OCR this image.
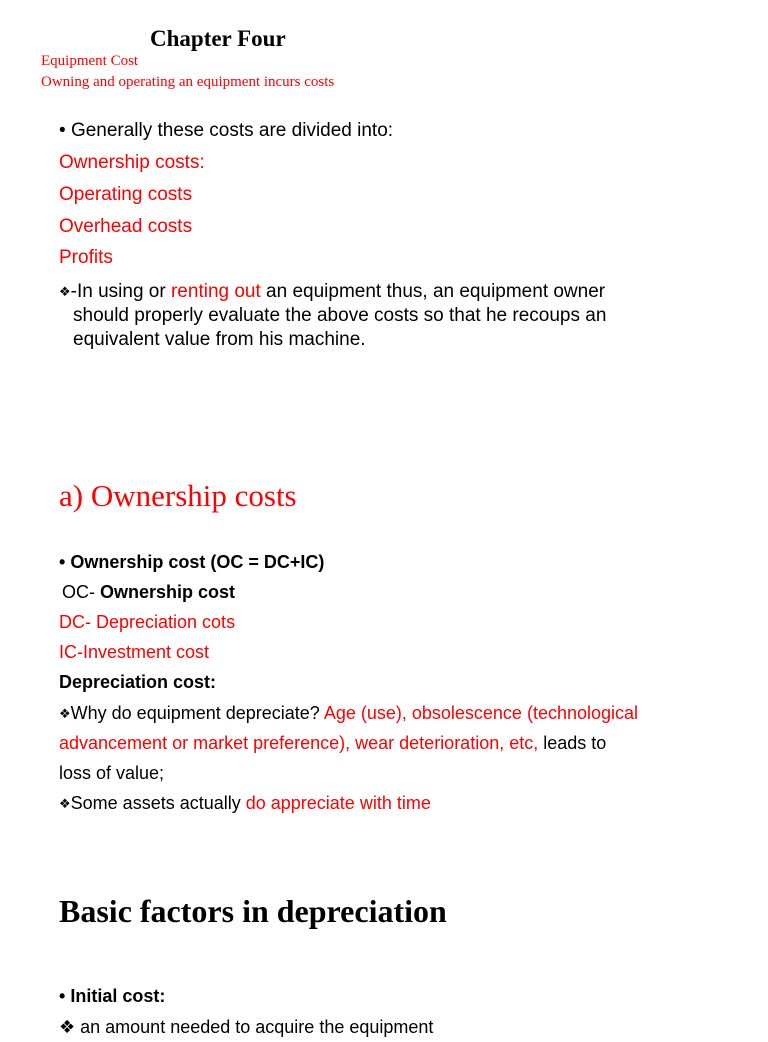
Chapter Four
Equipment Cost
Owning and operating an equipment incurs costs
• Generally these costs are divided into:
Ownership costs:
Operating costs
Overhead costs
Profits
❖-In using or renting out an equipment thus, an equipment owner
should properly evaluate the above costs so that he recoups an
equivalent value from his machine.
a) Ownership costs
• Ownership cost (OC = DC+IC)
OC- Ownership cost
DC- Depreciation cots
IC-Investment cost
Depreciation cost:
❖Why do equipment depreciate? Age (use), obsolescence (technological
advancement or market preference), wear deterioration, etc, leads to
loss of value;
❖Some assets actually do appreciate with time
Basic factors in depreciation
• Initial cost:
❖ an amount needed to acquire the equipment
